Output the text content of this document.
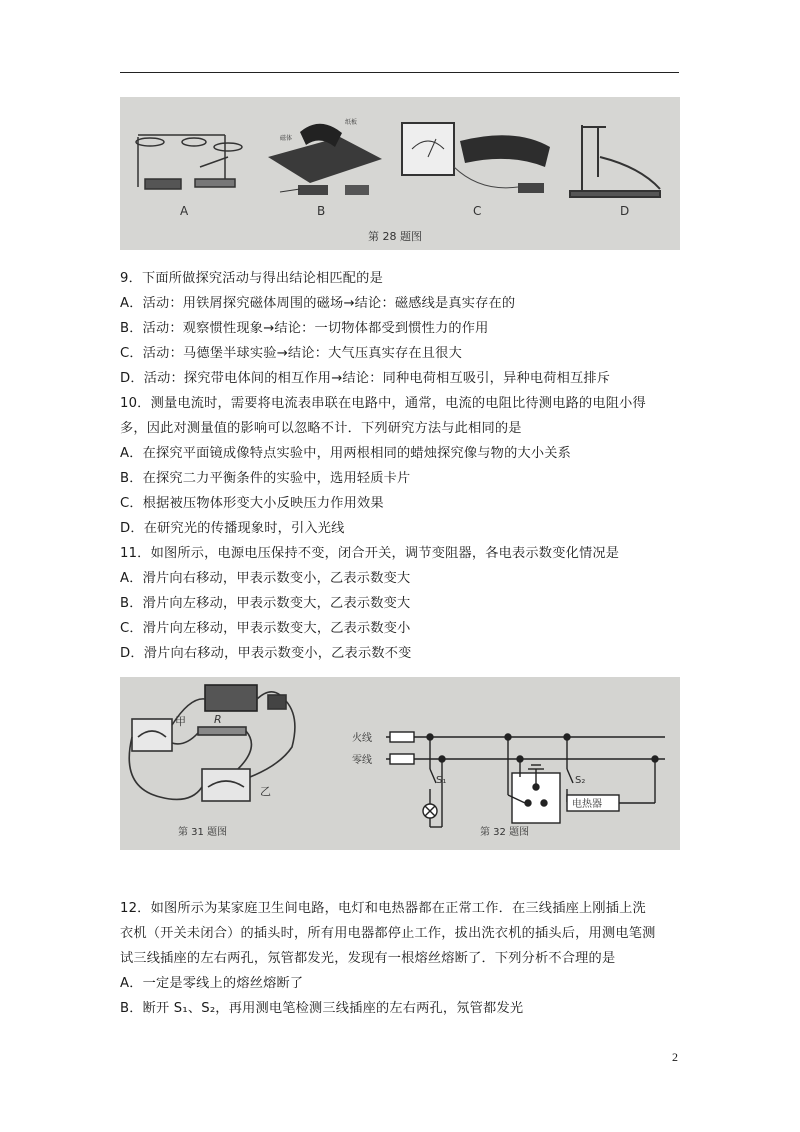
A	B	C	D
磁体
纸板
第 28 题图
9．下面所做探究活动与得出结论相匹配的是
A．活动：用铁屑探究磁体周围的磁场→结论：磁感线是真实存在的
B．活动：观察惯性现象→结论：一切物体都受到惯性力的作用
C．活动：马德堡半球实验→结论：大气压真实存在且很大
D．活动：探究带电体间的相互作用→结论：同种电荷相互吸引，异种电荷相互排斥
10．测量电流时，需要将电流表串联在电路中，通常，电流的电阻比待测电路的电阻小得
多，因此对测量值的影响可以忽略不计．下列研究方法与此相同的是
A．在探究平面镜成像特点实验中，用两根相同的蜡烛探究像与物的大小关系
B．在探究二力平衡条件的实验中，选用轻质卡片
C．根据被压物体形变大小反映压力作用效果
D．在研究光的传播现象时，引入光线
11．如图所示，电源电压保持不变，闭合开关，调节变阻器，各电表示数变化情况是
A．滑片向右移动，甲表示数变小，乙表示数变大
B．滑片向左移动，甲表示数变大，乙表示数变大
C．滑片向左移动，甲表示数变大，乙表示数变小
D．滑片向右移动，甲表示数变小，乙表示数不变
甲	R
乙
第 31 题图
火线
零线
S₁	S₂
电热器
第 32 题图
12．如图所示为某家庭卫生间电路，电灯和电热器都在正常工作．在三线插座上刚插上洗
衣机（开关未闭合）的插头时，所有用电器都停止工作，拔出洗衣机的插头后，用测电笔测
试三线插座的左右两孔，氖管都发光，发现有一根熔丝熔断了．下列分析不合理的是
A．一定是零线上的熔丝熔断了
B．断开 S₁、S₂，再用测电笔检测三线插座的左右两孔，氖管都发光
2
